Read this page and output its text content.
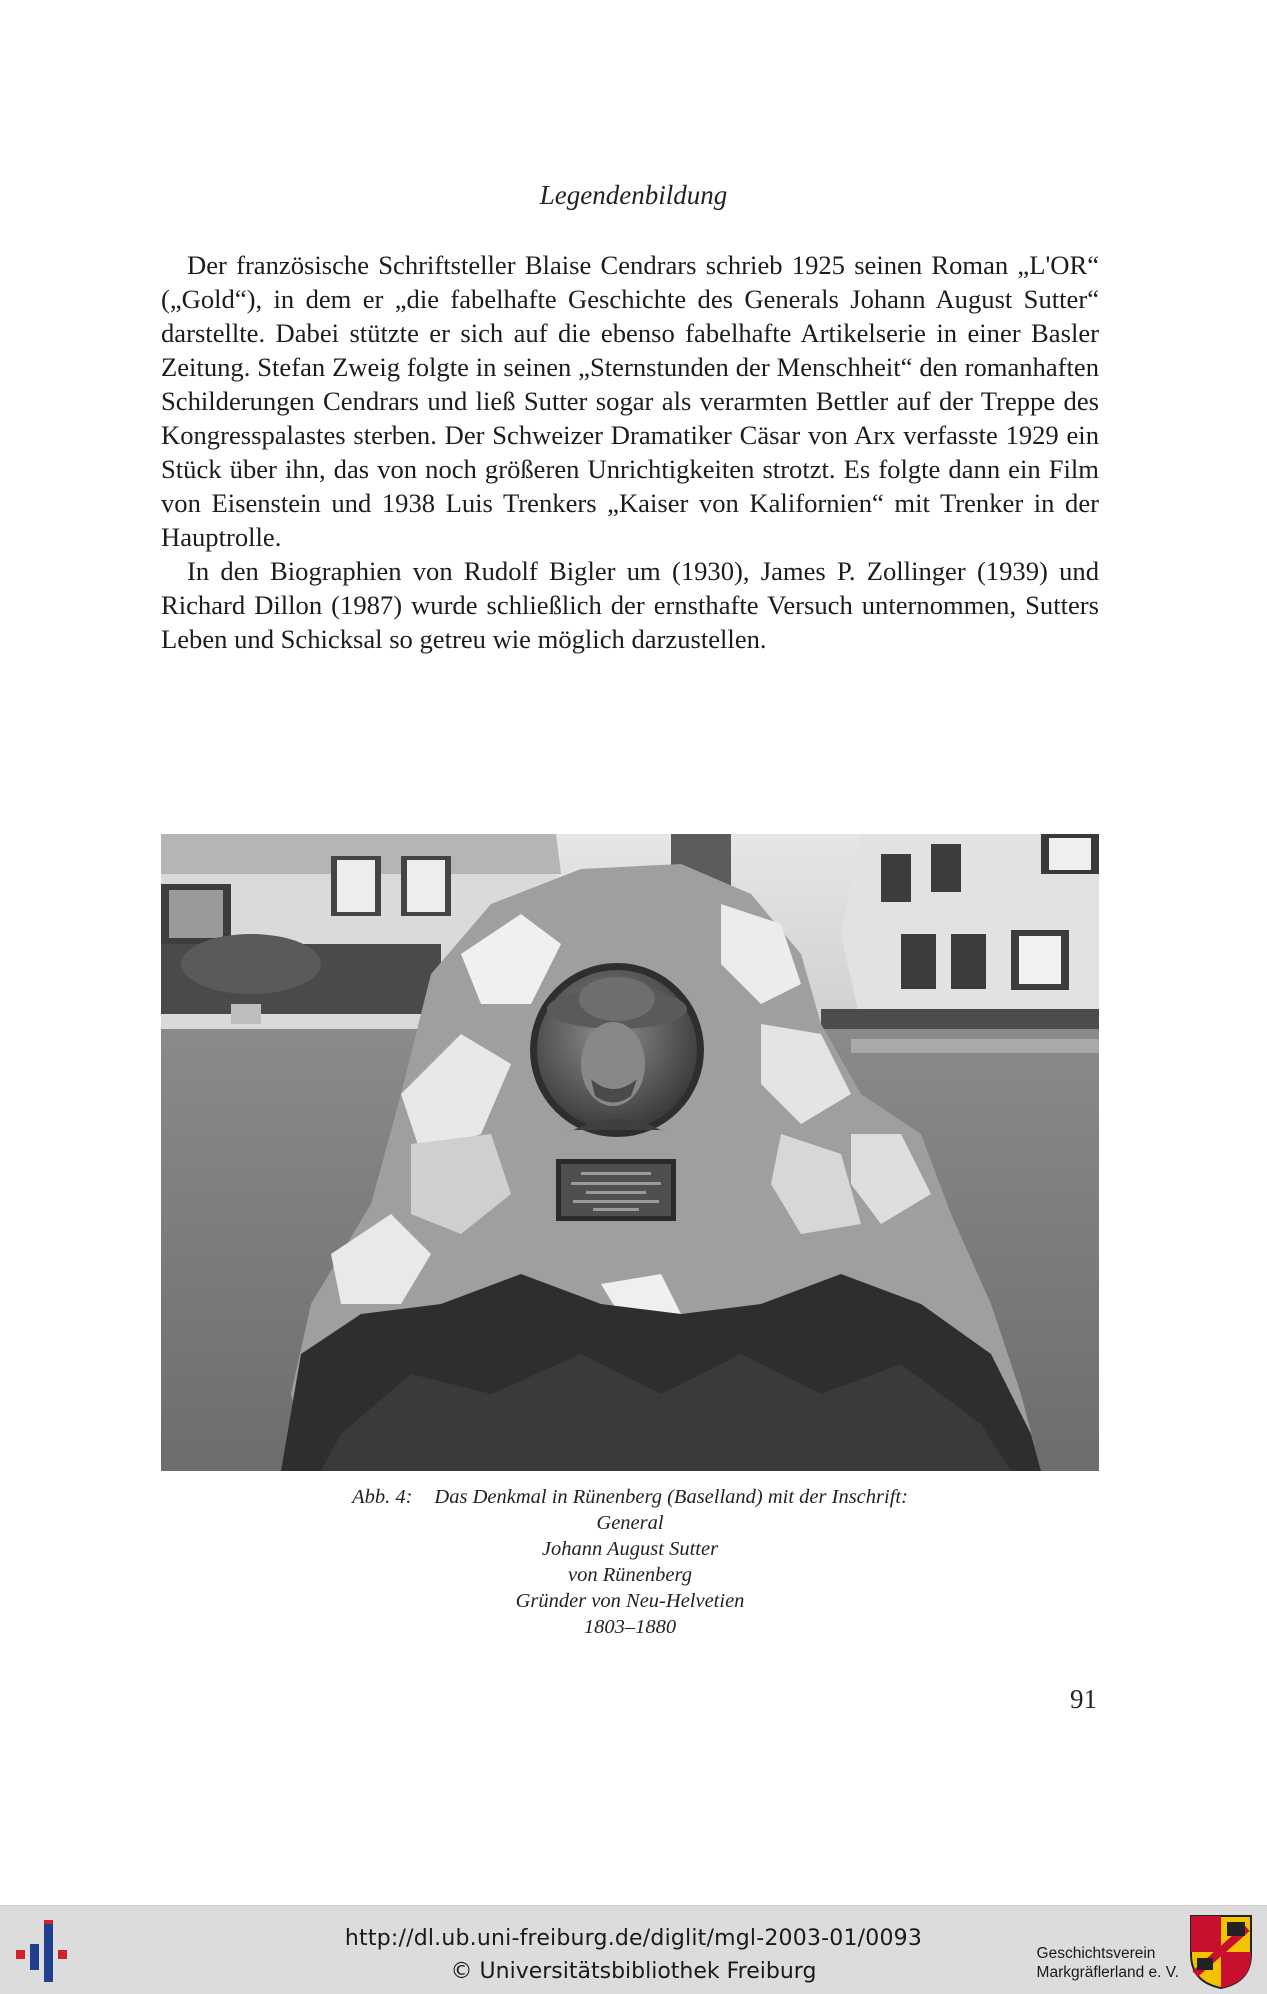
Legendenbildung

Der französische Schriftsteller Blaise Cendrars schrieb 1925 seinen Roman „L'OR“ („Gold“), in dem er „die fabelhafte Geschichte des Generals Johann August Sutter“ darstellte. Dabei stützte er sich auf die ebenso fabelhafte Artikelserie in einer Basler Zeitung. Stefan Zweig folgte in seinen „Sternstunden der Menschheit“ den romanhaften Schilderungen Cendrars und ließ Sutter sogar als verarmten Bettler auf der Treppe des Kongresspalastes sterben. Der Schweizer Dramatiker Cäsar von Arx verfasste 1929 ein Stück über ihn, das von noch größeren Unrichtigkeiten strotzt. Es folgte dann ein Film von Eisenstein und 1938 Luis Trenkers „Kaiser von Kalifornien“ mit Trenker in der Hauptrolle.

In den Biographien von Rudolf Bigler um (1930), James P. Zollinger (1939) und Richard Dillon (1987) wurde schließlich der ernsthafte Versuch unternommen, Sutters Leben und Schicksal so getreu wie möglich darzustellen.

Abb. 4: Das Denkmal in Rünenberg (Baselland) mit der Inschrift:
General
Johann August Sutter
von Rünenberg
Gründer von Neu-Helvetien
1803–1880
91
http://dl.ub.uni-freiburg.de/diglit/mgl-2003-01/0093
© Universitätsbibliothek Freiburg
Geschichtsverein
Markgräflerland e. V.
